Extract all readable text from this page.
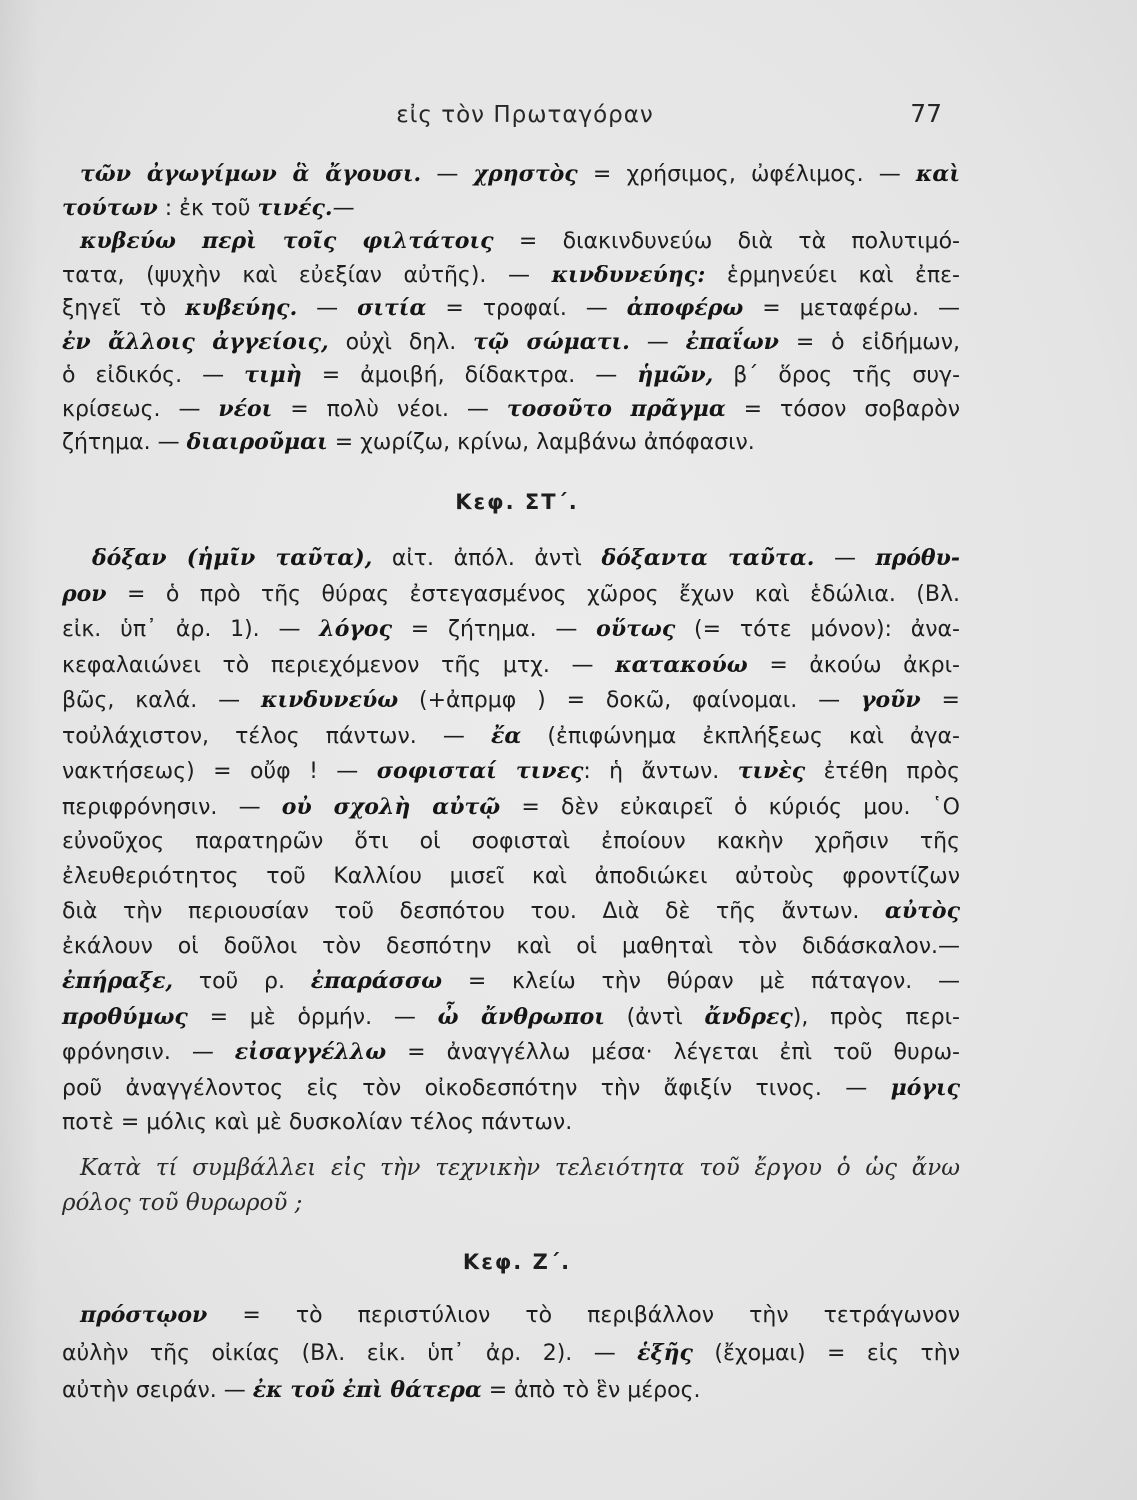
εἰς τὸν Πρωταγόραν	77
τῶν ἀγωγίμων ἃ ἄγουσι. — χρηστὸς = χρήσιμος, ὠφέλιμος. — καὶ
τούτων : ἐκ τοῦ τινές.—
κυβεύω περὶ τοῖς φιλτάτοις = διακινδυνεύω διὰ τὰ πολυτιμό-
τατα, (ψυχὴν καὶ εὐεξίαν αὐτῆς). — κινδυνεύης: ἑρμηνεύει καὶ ἐπε-
ξηγεῖ τὸ κυβεύης. — σιτία = τροφαί. — ἀποφέρω = μεταφέρω. —
ἐν ἄλλοις ἀγγείοις, οὐχὶ δηλ. τῷ σώματι. — ἐπαΐων = ὁ εἰδήμων,
ὁ εἰδικός. — τιμὴ = ἀμοιβή, δίδακτρα. — ἡμῶν, β΄ ὅρος τῆς συγ-
κρίσεως. — νέοι = πολὺ νέοι. — τοσοῦτο πρᾶγμα = τόσον σοβαρὸν
ζήτημα. — διαιροῦμαι = χωρίζω, κρίνω, λαμβάνω ἀπόφασιν.
Κεφ. ΣΤ΄.
δόξαν (ἡμῖν ταῦτα), αἰτ. ἀπόλ. ἀντὶ δόξαντα ταῦτα. — πρόθυ-
ρον = ὁ πρὸ τῆς θύρας ἐστεγασμένος χῶρος ἔχων καὶ ἑδώλια. (Βλ.
εἰκ. ὑπ᾽ ἀρ. 1). — λόγος = ζήτημα. — οὕτως (= τότε μόνον): ἀνα-
κεφαλαιώνει τὸ περιεχόμενον τῆς μτχ. — κατακούω = ἀκούω ἀκρι-
βῶς, καλά. — κινδυνεύω (+ἀπρμφ ) = δοκῶ, φαίνομαι. — γοῦν =
τοὐλάχιστον, τέλος πάντων. — ἔα (ἐπιφώνημα ἐκπλήξεως καὶ ἀγα-
νακτήσεως) = οὔφ ! — σοφισταί τινες: ἡ ἄντων. τινὲς ἐτέθη πρὸς
περιφρόνησιν. — οὐ σχολὴ αὐτῷ = δὲν εὐκαιρεῖ ὁ κύριός μου. ῾Ο
εὐνοῦχος παρατηρῶν ὅτι οἱ σοφισταὶ ἐποίουν κακὴν χρῆσιν τῆς
ἐλευθεριότητος τοῦ Καλλίου μισεῖ καὶ ἀποδιώκει αὐτοὺς φροντίζων
διὰ τὴν περιουσίαν τοῦ δεσπότου του. Διὰ δὲ τῆς ἄντων. αὐτὸς
ἐκάλουν οἱ δοῦλοι τὸν δεσπότην καὶ οἱ μαθηταὶ τὸν διδάσκαλον.—
ἐπήραξε, τοῦ ρ. ἐπαράσσω = κλείω τὴν θύραν μὲ πάταγον. —
προθύμως = μὲ ὁρμήν. — ὦ ἄνθρωποι (ἀντὶ ἄνδρες), πρὸς περι-
φρόνησιν. — εἰσαγγέλλω = ἀναγγέλλω μέσα· λέγεται ἐπὶ τοῦ θυρω-
ροῦ ἀναγγέλοντος εἰς τὸν οἰκοδεσπότην τὴν ἄφιξίν τινος. — μόγις
ποτὲ = μόλις καὶ μὲ δυσκολίαν τέλος πάντων.
Κατὰ τί συμβάλλει εἰς τὴν τεχνικὴν τελειότητα τοῦ ἔργου ὁ ὡς ἄνω
ρόλος τοῦ θυρωροῦ ;
Κεφ. Ζ΄.
πρόστῳον = τὸ περιστύλιον τὸ περιβάλλον τὴν τετράγωνον
αὐλὴν τῆς οἰκίας (Βλ. εἰκ. ὑπ᾽ ἀρ. 2). — ἑξῆς (ἔχομαι) = εἰς τὴν
αὐτὴν σειράν. — ἐκ τοῦ ἐπὶ θάτερα = ἀπὸ τὸ ἓν μέρος.
